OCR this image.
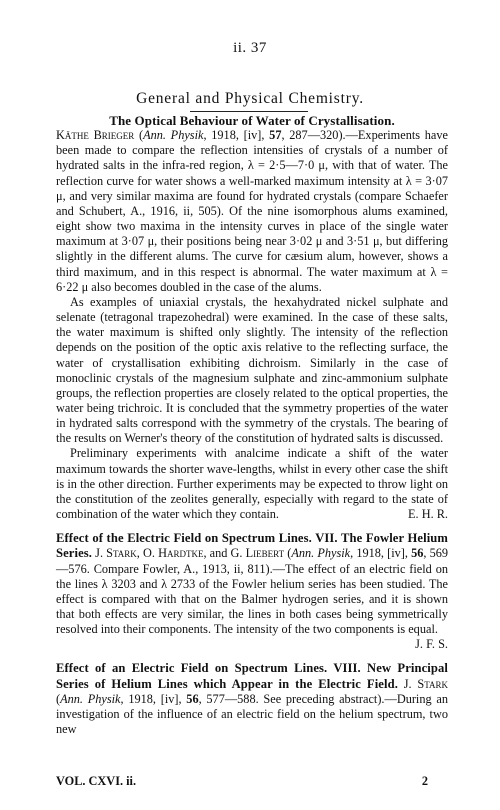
ii. 37
General and Physical Chemistry.
The Optical Behaviour of Water of Crystallisation.

Käthe Brieger (Ann. Physik, 1918, [iv], 57, 287—320).—Experiments have been made to compare the reflection intensities of crystals of a number of hydrated salts in the infra-red region, λ = 2·5—7·0 μ, with that of water. The reflection curve for water shows a well-marked maximum intensity at λ = 3·07 μ, and very similar maxima are found for hydrated crystals (compare Schaefer and Schubert, A., 1916, ii, 505). Of the nine isomorphous alums examined, eight show two maxima in the intensity curves in place of the single water maximum at 3·07 μ, their positions being near 3·02 μ and 3·51 μ, but differing slightly in the different alums. The curve for cæsium alum, however, shows a third maximum, and in this respect is abnormal. The water maximum at λ = 6·22 μ also becomes doubled in the case of the alums.

As examples of uniaxial crystals, the hexahydrated nickel sulphate and selenate (tetragonal trapezohedral) were examined. In the case of these salts, the water maximum is shifted only slightly. The intensity of the reflection depends on the position of the optic axis relative to the reflecting surface, the water of crystallisation exhibiting dichroism. Similarly in the case of monoclinic crystals of the magnesium sulphate and zinc-ammonium sulphate groups, the reflection properties are closely related to the optical properties, the water being trichroic. It is concluded that the symmetry properties of the water in hydrated salts correspond with the symmetry of the crystals. The bearing of the results on Werner's theory of the constitution of hydrated salts is discussed.

Preliminary experiments with analcime indicate a shift of the water maximum towards the shorter wave-lengths, whilst in every other case the shift is in the other direction. Further experiments may be expected to throw light on the constitution of the zeolites generally, especially with regard to the state of combination of the water which they contain.	E. H. R.

Effect of the Electric Field on Spectrum Lines. VII. The Fowler Helium Series. J. Stark, O. Hardtke, and G. Liebert (Ann. Physik, 1918, [iv], 56, 569—576. Compare Fowler, A., 1913, ii, 811).—The effect of an electric field on the lines λ 3203 and λ 2733 of the Fowler helium series has been studied. The effect is compared with that on the Balmer hydrogen series, and it is shown that both effects are very similar, the lines in both cases being symmetrically resolved into their components. The intensity of the two components is equal.
J. F. S.

Effect of an Electric Field on Spectrum Lines. VIII. New Principal Series of Helium Lines which Appear in the Electric Field. J. Stark (Ann. Physik, 1918, [iv], 56, 577—588. See preceding abstract).—During an investigation of the influence of an electric field on the helium spectrum, two new

VOL. CXVI. ii.	2
